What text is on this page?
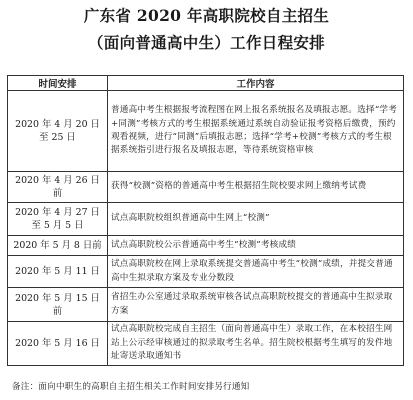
广东省 2020 年高职院校自主招生
（面向普通高中生）工作日程安排
时间安排	工作内容
2020 年 4 月 20 日至 25 日	普通高中考生根据报考流程图在网上报名系统报名及填报志愿。选择“学考+同测”考核方式的考生根据系统通过系统自动验证报考资格后缴费，预约观看视频，进行“同测”后填报志愿；选择“学考+校测”考核方式的考生根据系统指引进行报名及填报志愿，等待系统资格审核
2020 年 4 月 26 日前	获得“校测”资格的普通高中考生根据招生院校要求网上缴纳考试费
2020 年 4 月 27 日至 5 月 5 日	试点高职院校组织普通高中生网上“校测”
2020 年 5 月 8 日前	试点高职院校公示普通高中考生“校测”考核成绩
2020 年 5 月 11 日	试点高职院校在网上录取系统提交普通高中考生“校测”成绩，并提交普通高中生拟录取方案及专业分数段
2020 年 5 月 15 日前	省招生办公室通过录取系统审核各试点高职院校提交的普通高中生拟录取方案
2020 年 5 月 16 日	试点高职院校完成自主招生（面向普通高中生）录取工作，在本校招生网站上公示经审核通过的拟录取考生名单。招生院校根据考生填写的发件地址寄送录取通知书
备注：面向中职生的高职自主招生相关工作时间安排另行通知
